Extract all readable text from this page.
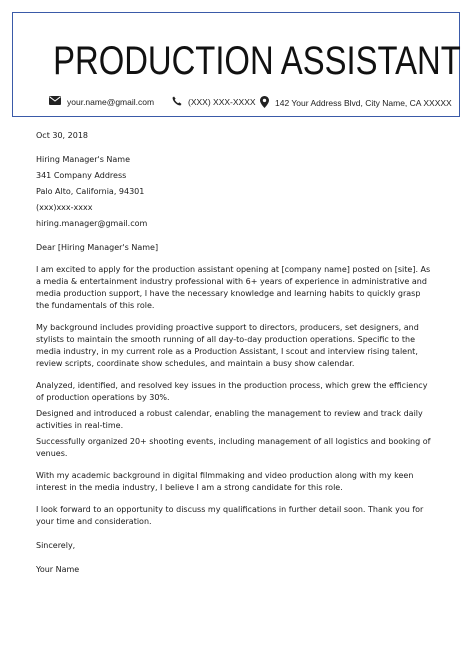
PRODUCTION ASSISTANT
your.name@gmail.com	(XXX) XXX-XXXX 142 Your Address Blvd, City Name, CA XXXXX

Oct 30, 2018

Hiring Manager's Name

341 Company Address

Palo Alto, California, 94301

(xxx)xxx-xxxx

hiring.manager@gmail.com

Dear [Hiring Manager's Name]

I am excited to apply for the production assistant opening at [company name] posted on [site]. As a media & entertainment industry professional with 6+ years of experience in administrative and media production support, I have the necessary knowledge and learning habits to quickly grasp the fundamentals of this role.

My background includes providing proactive support to directors, producers, set designers, and stylists to maintain the smooth running of all day-to-day production operations. Specific to the media industry, in my current role as a Production Assistant, I scout and interview rising talent, review scripts, coordinate show schedules, and maintain a busy show calendar.

Analyzed, identified, and resolved key issues in the production process, which grew the efficiency of production operations by 30%.

Designed and introduced a robust calendar, enabling the management to review and track daily activities in real-time.

Successfully organized 20+ shooting events, including management of all logistics and booking of venues.

With my academic background in digital filmmaking and video production along with my keen interest in the media industry, I believe I am a strong candidate for this role.

I look forward to an opportunity to discuss my qualifications in further detail soon. Thank you for your time and consideration.

Sincerely,

Your Name
